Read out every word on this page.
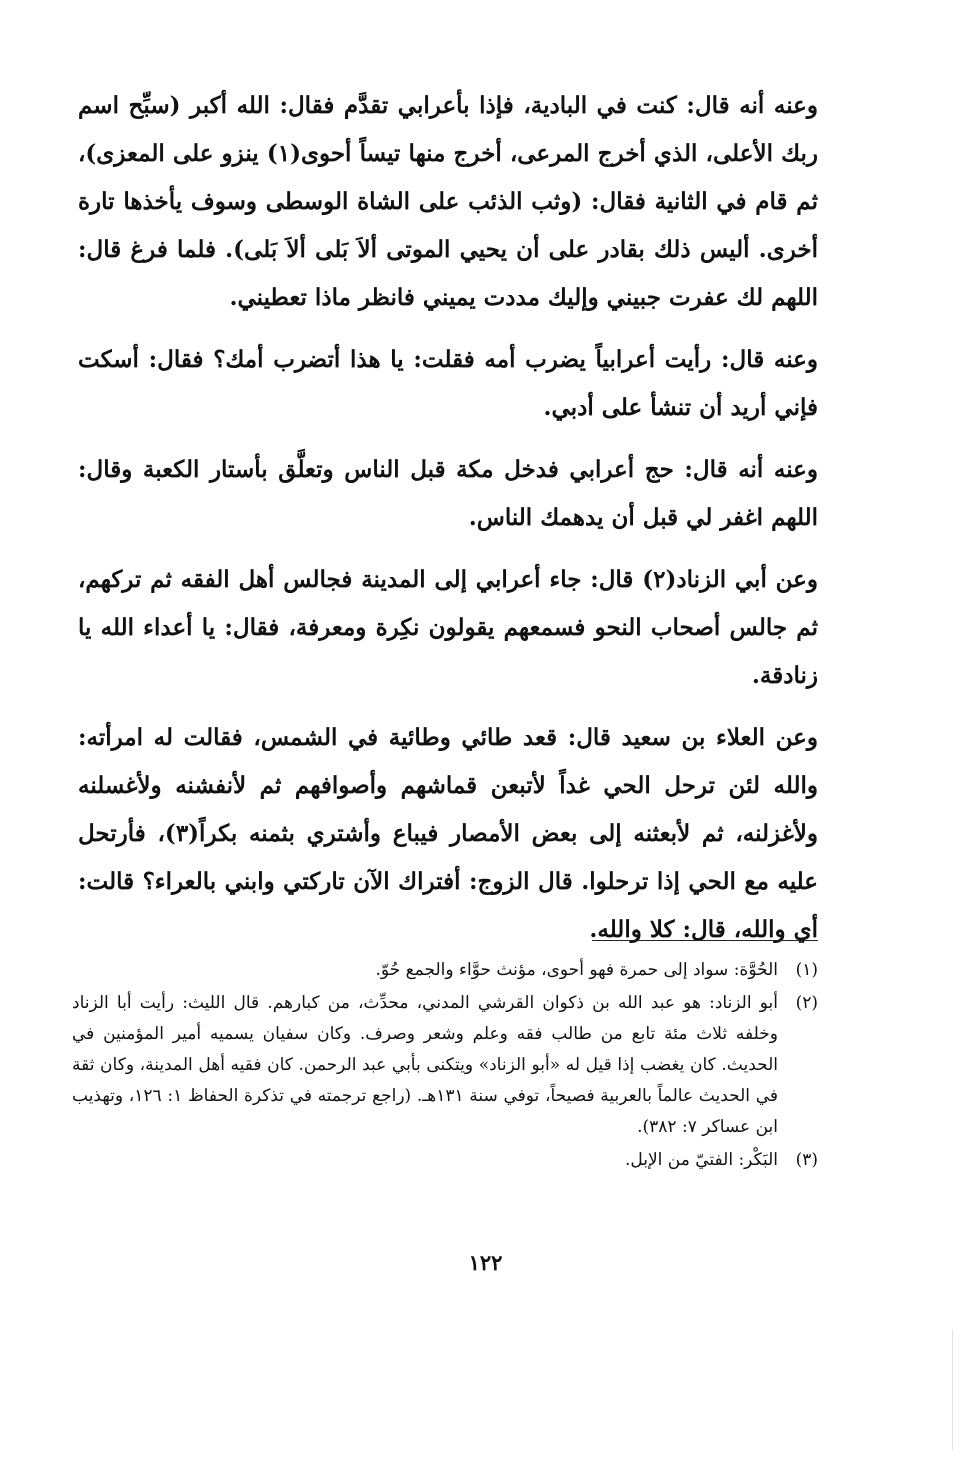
وعنه أنه قال: كنت في البادية، فإذا بأعرابي تقدَّم فقال: الله أكبر (سبِّح اسم ربك الأعلى، الذي أخرج المرعى، أخرج منها تيساً أحوى(١) ينزو على المعزى)، ثم قام في الثانية فقال: (وثب الذئب على الشاة الوسطى وسوف يأخذها تارة أخرى. أليس ذلك بقادر على أن يحيي الموتى ألاَ بَلى ألاَ بَلى). فلما فرغ قال: اللهم لك عفرت جبيني وإليك مددت يميني فانظر ماذا تعطيني.

وعنه قال: رأيت أعرابياً يضرب أمه فقلت: يا هذا أتضرب أمك؟ فقال: أسكت فإني أريد أن تنشأ على أدبي.

وعنه أنه قال: حج أعرابي فدخل مكة قبل الناس وتعلَّق بأستار الكعبة وقال: اللهم اغفر لي قبل أن يدهمك الناس.

وعن أبي الزناد(٢) قال: جاء أعرابي إلى المدينة فجالس أهل الفقه ثم تركهم، ثم جالس أصحاب النحو فسمعهم يقولون نكِرة ومعرفة، فقال: يا أعداء الله يا زنادقة.

وعن العلاء بن سعيد قال: قعد طائي وطائية في الشمس، فقالت له امرأته: والله لئن ترحل الحي غداً لأتبعن قماشهم وأصوافهم ثم لأنفشنه ولأغسلنه ولأغزلنه، ثم لأبعثنه إلى بعض الأمصار فيباع وأشتري بثمنه بكراً(٣)، فأرتحل عليه مع الحي إذا ترحلوا. قال الزوج: أفتراك الآن تاركتي وابني بالعراء؟ قالت: أي والله، قال: كلا والله.

(١)
الحُوَّة: سواد إلى حمرة فهو أحوى، مؤنث حوَّاء والجمع حُوّ.
(٢)
أبو الزناد: هو عبد الله بن ذكوان القرشي المدني، محدِّث، من كبارهم. قال الليث: رأيت أبا الزناد وخلفه ثلاث مئة تابع من طالب فقه وعلم وشعر وصرف. وكان سفيان يسميه أمير المؤمنين في الحديث. كان يغضب إذا قيل له «أبو الزناد» ويتكنى بأبي عبد الرحمن. كان فقيه أهل المدينة، وكان ثقة في الحديث عالماً بالعربية فصيحاً، توفي سنة ١٣١هـ. (راجع ترجمته في تذكرة الحفاظ ١: ١٢٦، وتهذيب ابن عساكر ٧: ٣٨٢).
(٣)
البَكْر: الفتيّ من الإبل.
١٢٢
